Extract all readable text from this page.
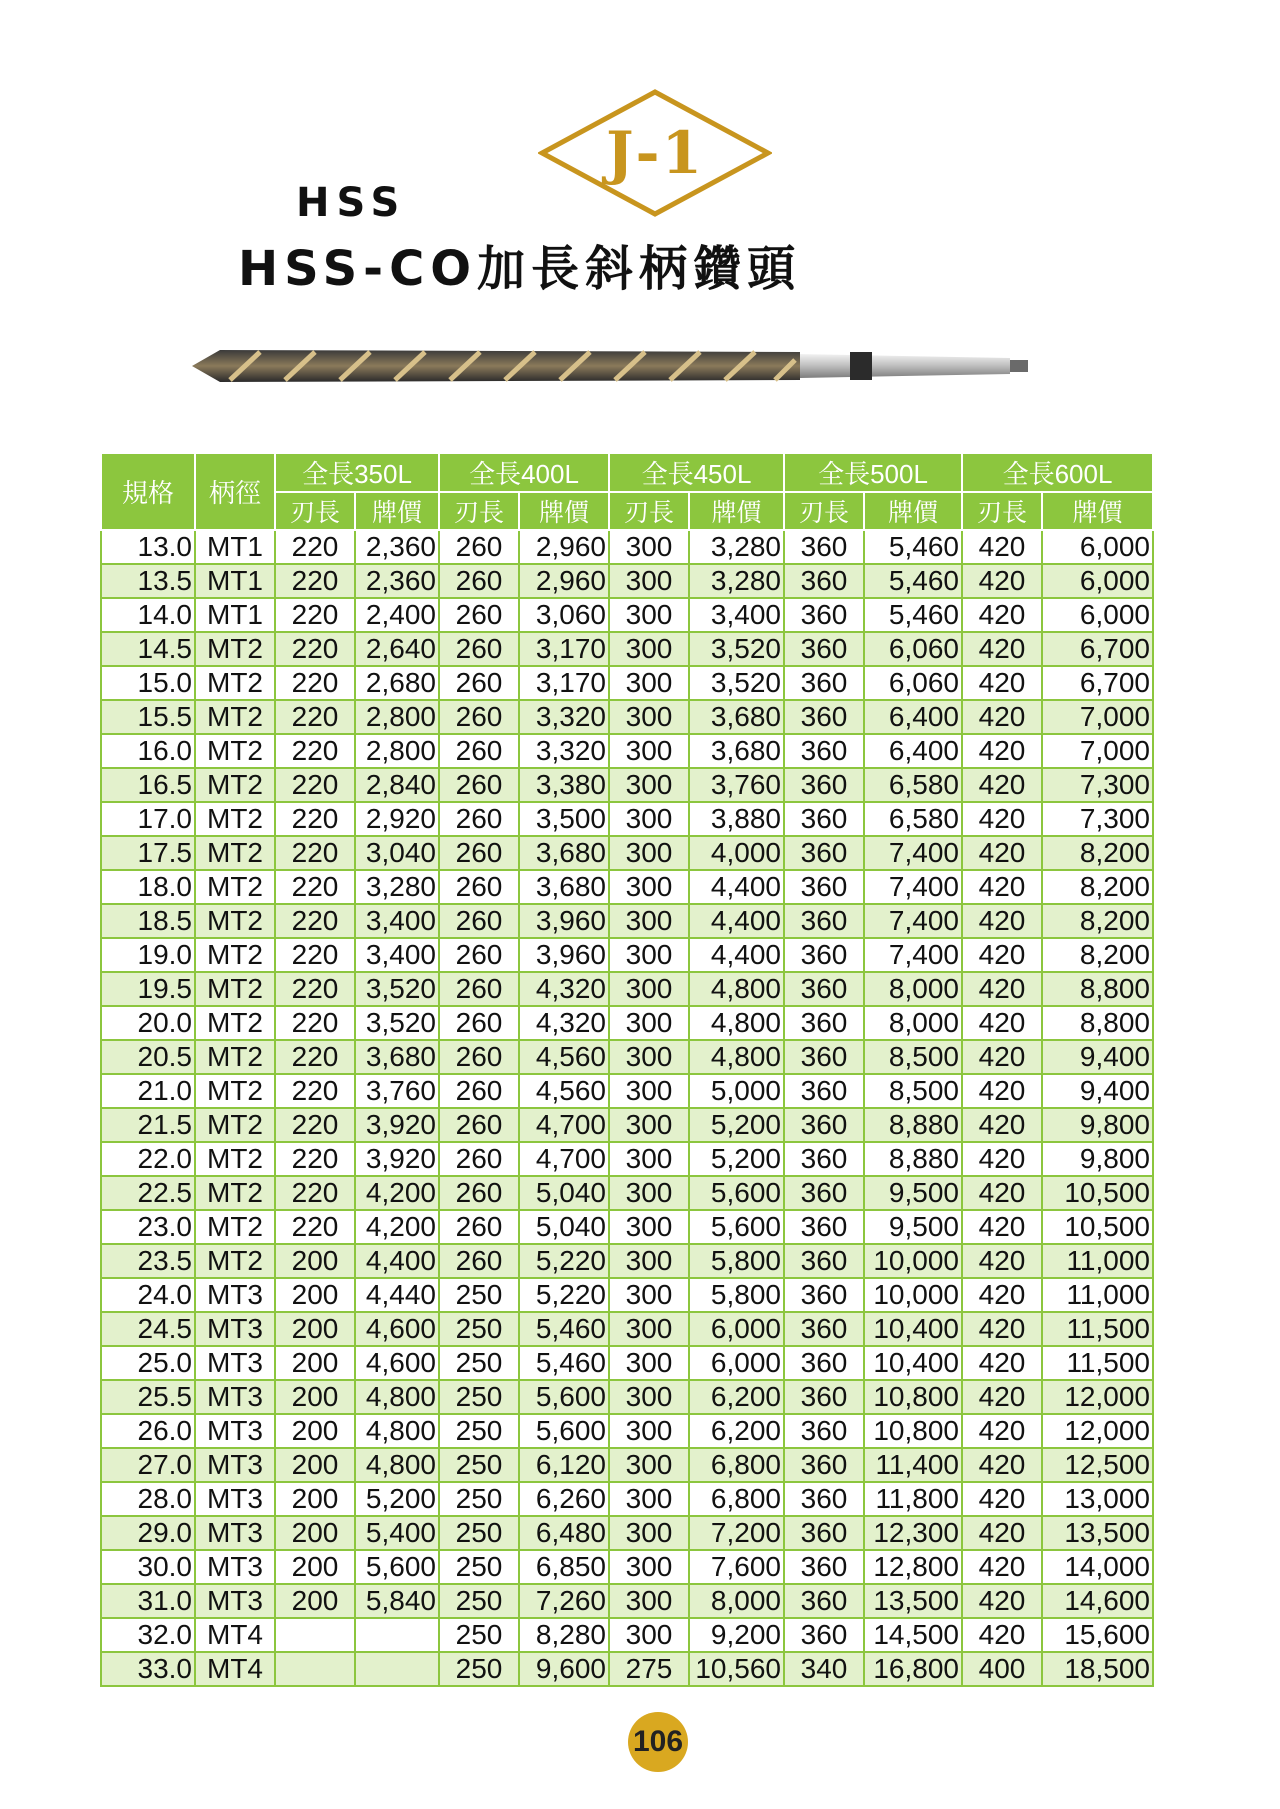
J-1
HSS
HSS-CO加長斜柄鑽頭
規格	柄徑	全長350L		全長400L		全長450L		全長500L		全長600L	
		刃長	牌價	刃長	牌價	刃長	牌價	刃長	牌價	刃長	牌價
13.0	MT1	220	2,360	260	2,960	300	3,280	360	5,460	420	6,000
13.5	MT1	220	2,360	260	2,960	300	3,280	360	5,460	420	6,000
14.0	MT1	220	2,400	260	3,060	300	3,400	360	5,460	420	6,000
14.5	MT2	220	2,640	260	3,170	300	3,520	360	6,060	420	6,700
15.0	MT2	220	2,680	260	3,170	300	3,520	360	6,060	420	6,700
15.5	MT2	220	2,800	260	3,320	300	3,680	360	6,400	420	7,000
16.0	MT2	220	2,800	260	3,320	300	3,680	360	6,400	420	7,000
16.5	MT2	220	2,840	260	3,380	300	3,760	360	6,580	420	7,300
17.0	MT2	220	2,920	260	3,500	300	3,880	360	6,580	420	7,300
17.5	MT2	220	3,040	260	3,680	300	4,000	360	7,400	420	8,200
18.0	MT2	220	3,280	260	3,680	300	4,400	360	7,400	420	8,200
18.5	MT2	220	3,400	260	3,960	300	4,400	360	7,400	420	8,200
19.0	MT2	220	3,400	260	3,960	300	4,400	360	7,400	420	8,200
19.5	MT2	220	3,520	260	4,320	300	4,800	360	8,000	420	8,800
20.0	MT2	220	3,520	260	4,320	300	4,800	360	8,000	420	8,800
20.5	MT2	220	3,680	260	4,560	300	4,800	360	8,500	420	9,400
21.0	MT2	220	3,760	260	4,560	300	5,000	360	8,500	420	9,400
21.5	MT2	220	3,920	260	4,700	300	5,200	360	8,880	420	9,800
22.0	MT2	220	3,920	260	4,700	300	5,200	360	8,880	420	9,800
22.5	MT2	220	4,200	260	5,040	300	5,600	360	9,500	420	10,500
23.0	MT2	220	4,200	260	5,040	300	5,600	360	9,500	420	10,500
23.5	MT2	200	4,400	260	5,220	300	5,800	360	10,000	420	11,000
24.0	MT3	200	4,440	250	5,220	300	5,800	360	10,000	420	11,000
24.5	MT3	200	4,600	250	5,460	300	6,000	360	10,400	420	11,500
25.0	MT3	200	4,600	250	5,460	300	6,000	360	10,400	420	11,500
25.5	MT3	200	4,800	250	5,600	300	6,200	360	10,800	420	12,000
26.0	MT3	200	4,800	250	5,600	300	6,200	360	10,800	420	12,000
27.0	MT3	200	4,800	250	6,120	300	6,800	360	11,400	420	12,500
28.0	MT3	200	5,200	250	6,260	300	6,800	360	11,800	420	13,000
29.0	MT3	200	5,400	250	6,480	300	7,200	360	12,300	420	13,500
30.0	MT3	200	5,600	250	6,850	300	7,600	360	12,800	420	14,000
31.0	MT3	200	5,840	250	7,260	300	8,000	360	13,500	420	14,600
32.0	MT4			250	8,280	300	9,200	360	14,500	420	15,600
33.0	MT4			250	9,600	275	10,560	340	16,800	400	18,500
106
